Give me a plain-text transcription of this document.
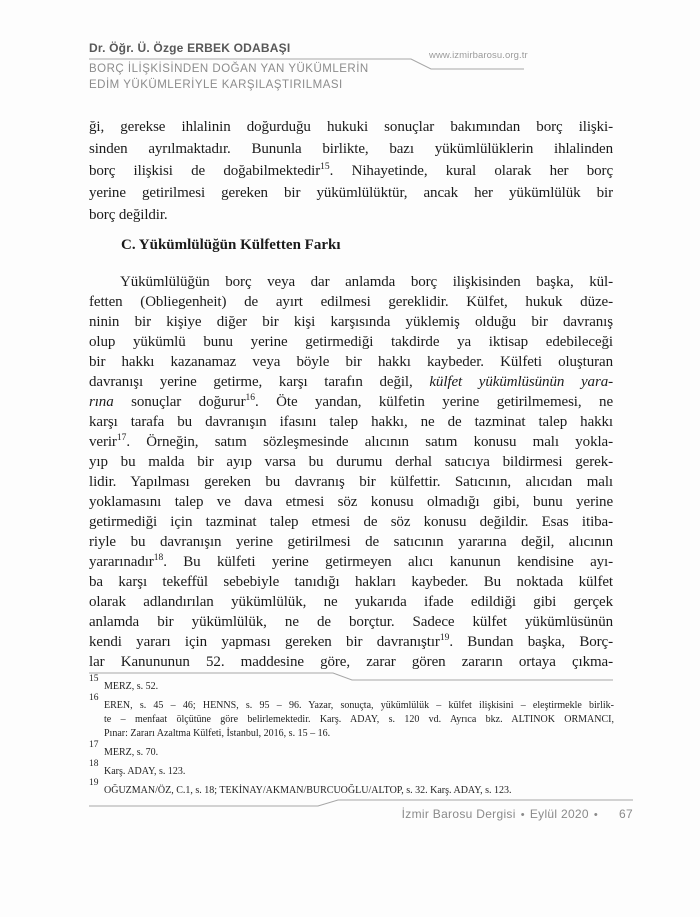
Dr. Öğr. Ü. Özge ERBEK ODABAŞI
www.izmirbarosu.org.tr
BORÇ İLİŞKİSİNDEN DOĞAN YAN YÜKÜMLERİN
EDİM YÜKÜMLERİYLE KARŞILAŞTIRILMASI
ği, gerekse ihlalinin doğurduğu hukuki sonuçlar bakımından borç ilişki-
sinden ayrılmaktadır. Bununla birlikte, bazı yükümlülüklerin ihlalinden
borç ilişkisi de doğabilmektedir$^{15}$. Nihayetinde, kural olarak her borç
yerine getirilmesi gereken bir yükümlülüktür, ancak her yükümlülük bir
borç değildir.
C. Yükümlülüğün Külfetten Farkı
Yükümlülüğün borç veya dar anlamda borç ilişkisinden başka, kül-
fetten (Obliegenheit) de ayırt edilmesi gereklidir. Külfet, hukuk düze-
ninin bir kişiye diğer bir kişi karşısında yüklemiş olduğu bir davranış
olup yükümlü bunu yerine getirmediği takdirde ya iktisap edebileceği
bir hakkı kazanamaz veya böyle bir hakkı kaybeder. Külfeti oluşturan
davranışı yerine getirme, karşı tarafın değil, külfet yükümlüsünün yara-
rına sonuçlar doğurur$^{16}$. Öte yandan, külfetin yerine getirilmemesi, ne
karşı tarafa bu davranışın ifasını talep hakkı, ne de tazminat talep hakkı
verir$^{17}$. Örneğin, satım sözleşmesinde alıcının satım konusu malı yokla-
yıp bu malda bir ayıp varsa bu durumu derhal satıcıya bildirmesi gerek-
lidir. Yapılması gereken bu davranış bir külfettir. Satıcının, alıcıdan malı
yoklamasını talep ve dava etmesi söz konusu olmadığı gibi, bunu yerine
getirmediği için tazminat talep etmesi de söz konusu değildir. Esas itiba-
riyle bu davranışın yerine getirilmesi de satıcının yararına değil, alıcının
yararınadır$^{18}$. Bu külfeti yerine getirmeyen alıcı kanunun kendisine ayı-
ba karşı tekeffül sebebiyle tanıdığı hakları kaybeder. Bu noktada külfet
olarak adlandırılan yükümlülük, ne yukarıda ifade edildiği gibi gerçek
anlamda bir yükümlülük, ne de borçtur. Sadece külfet yükümlüsünün
kendi yararı için yapması gereken bir davranıştır$^{19}$. Bundan başka, Borç-
lar Kanununun 52. maddesine göre, zarar gören zararın ortaya çıkma-
$^{15}$
MERZ, s. 52.
$^{16}$
EREN, s. 45 – 46; HENNS, s. 95 – 96. Yazar, sonuçta, yükümlülük – külfet ilişkisini – eleştirmekle birlik-
te – menfaat ölçütüne göre belirlemektedir. Karş. ADAY, s. 120 vd. Ayrıca bkz. ALTINOK ORMANCI,
Pınar: Zararı Azaltma Külfeti, İstanbul, 2016, s. 15 – 16.
$^{17}$
MERZ, s. 70.
$^{18}$
Karş. ADAY, s. 123.
$^{19}$
OĞUZMAN/ÖZ, C.1, s. 18; TEKİNAY/AKMAN/BURCUOĞLU/ALTOP, s. 32. Karş. ADAY, s. 123.
İzmir Barosu Dergisi • Eylül 2020 • 67
